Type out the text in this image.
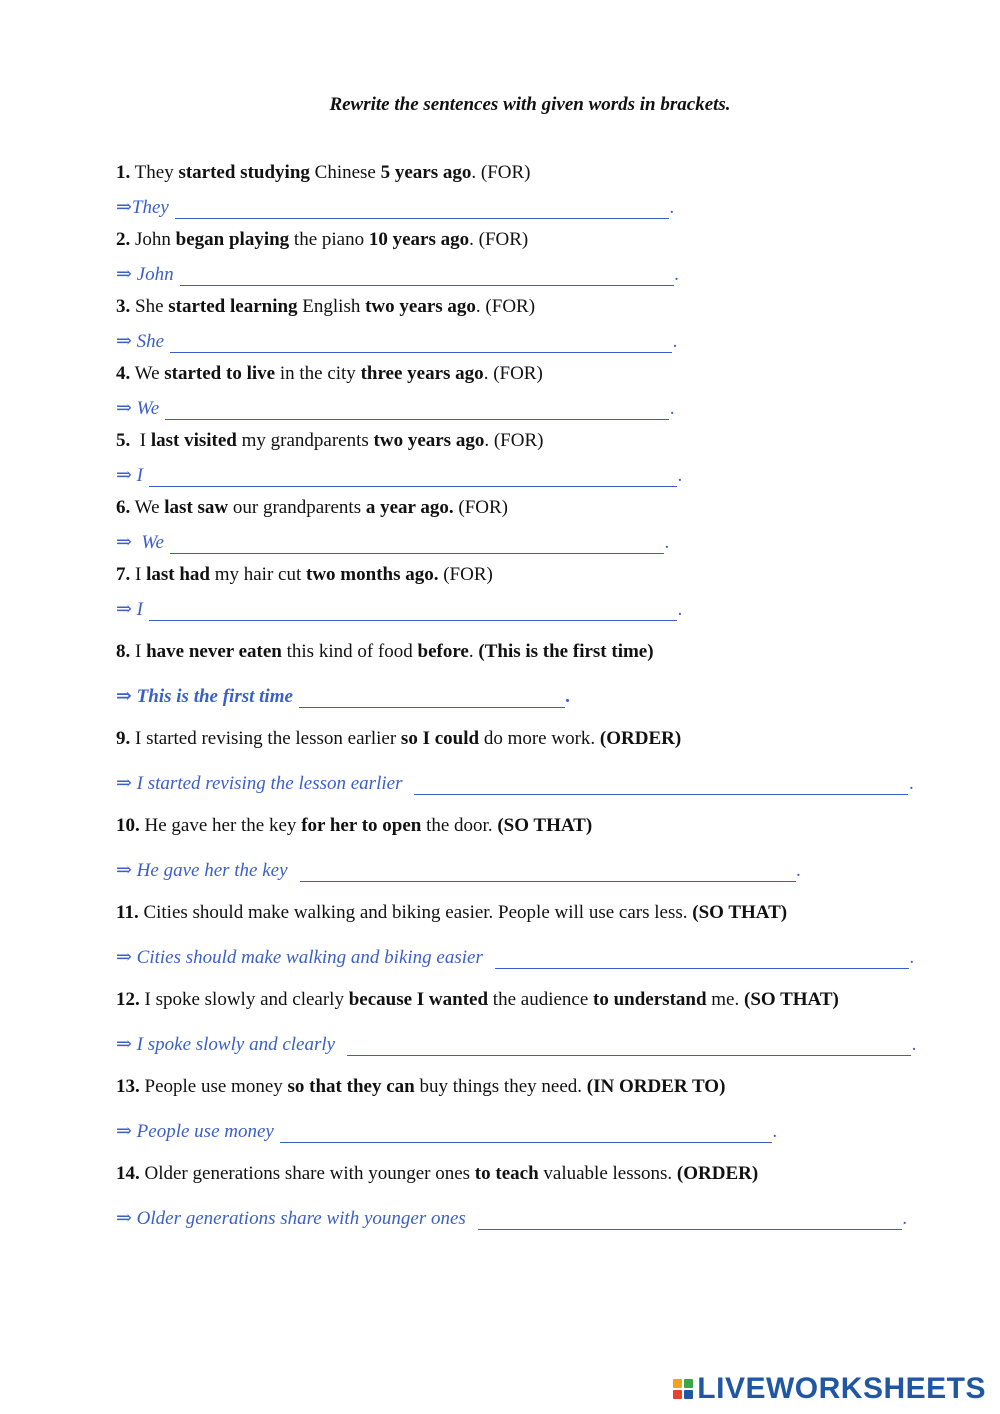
Rewrite the sentences with given words in brackets.
1. They started studying Chinese 5 years ago. (FOR)
⇒They	.
2. John began playing the piano 10 years ago. (FOR)
⇒ John	.
3. She started learning English two years ago. (FOR)
⇒ She	.
4. We started to live in the city three years ago. (FOR)
⇒ We	.
5.  I last visited my grandparents two years ago. (FOR)
⇒ I	.
6. We last saw our grandparents a year ago. (FOR)
⇒  We	.
7. I last had my hair cut two months ago. (FOR)
⇒ I	.
8. I have never eaten this kind of food before. (This is the first time)
⇒ This is the first time	.
9. I started revising the lesson earlier so I could do more work. (ORDER)
⇒ I started revising the lesson earlier	.
10. He gave her the key for her to open the door. (SO THAT)
⇒ He gave her the key	.
11. Cities should make walking and biking easier. People will use cars less. (SO THAT)
⇒ Cities should make walking and biking easier	.
12. I spoke slowly and clearly because I wanted the audience to understand me. (SO THAT)
⇒ I spoke slowly and clearly	.
13. People use money so that they can buy things they need. (IN ORDER TO)
⇒ People use money	.
14. Older generations share with younger ones to teach valuable lessons. (ORDER)
⇒ Older generations share with younger ones	.
LIVEWORKSHEETS
